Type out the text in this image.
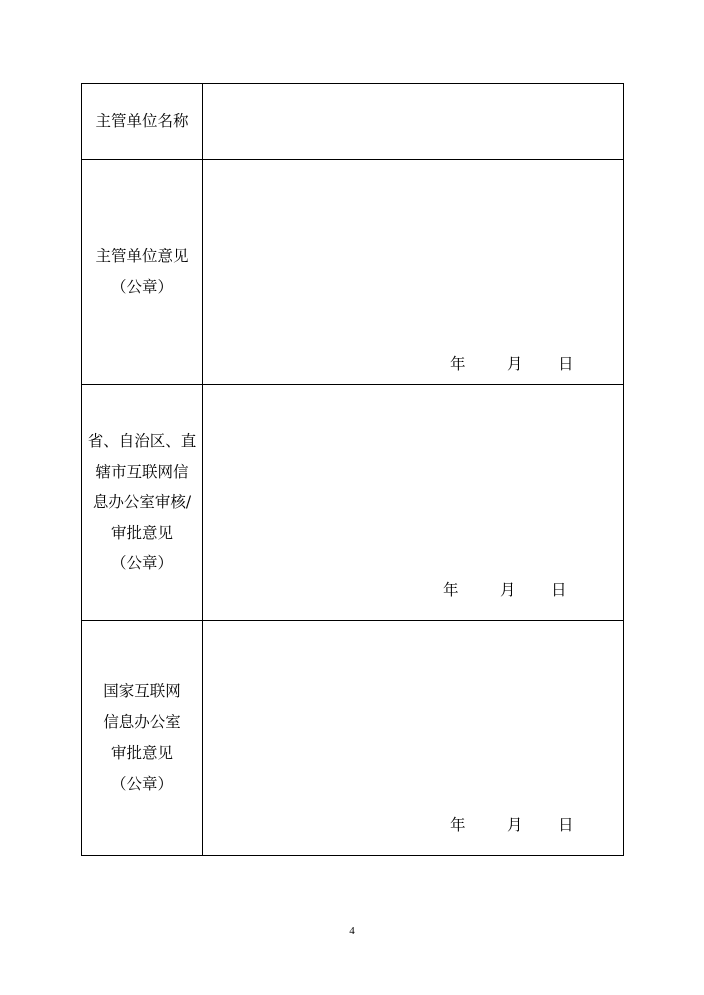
主管单位名称	

主管单位意见
（公章）	年 月 日

省、自治区、直
辖市互联网信
息办公室审核/
审批意见
（公章）	年 月 日

国家互联网
信息办公室
审批意见
（公章）	年 月 日
4
